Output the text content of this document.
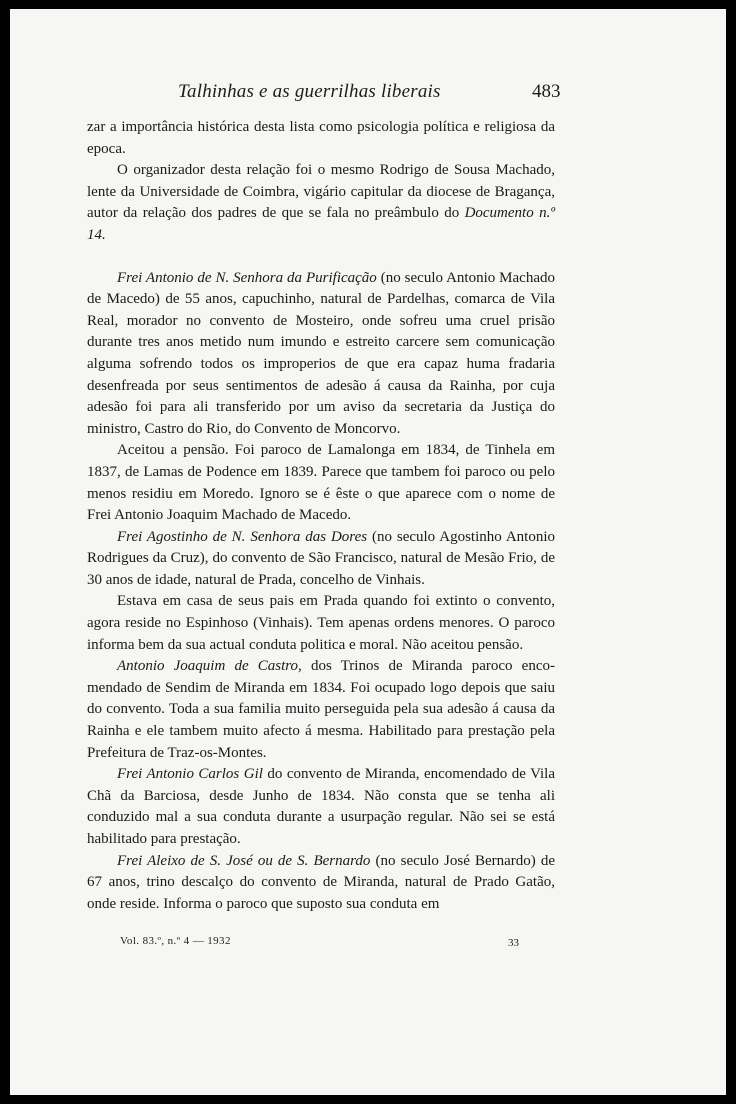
Talhinhas e as guerrilhas liberais	483

zar a importância histórica desta lista como psicologia política e religiosa da epoca.

O organizador desta relação foi o mesmo Rodrigo de Sousa Machado, lente da Universidade de Coimbra, vigário capitular da diocese de Bragança, autor da relação dos padres de que se fala no preâmbulo do Documento n.º 14.

Frei Antonio de N. Senhora da Purificação (no seculo Antonio Machado de Macedo) de 55 anos, capuchinho, natural de Pardelhas, comarca de Vila Real, morador no convento de Mosteiro, onde sofreu uma cruel prisão durante tres anos metido num imundo e estreito carcere sem comunicação alguma sofrendo todos os improperios de que era capaz huma fradaria desenfreada por seus sentimentos de adesão á causa da Rainha, por cuja adesão foi para ali transferido por um aviso da secretaria da Justiça do ministro, Castro do Rio, do Convento de Moncorvo.

Aceitou a pensão. Foi paroco de Lamalonga em 1834, de Tinhela em 1837, de Lamas de Podence em 1839. Parece que tambem foi paroco ou pelo menos residiu em Moredo. Ignoro se é êste o que aparece com o nome de Frei Antonio Joaquim Machado de Macedo.

Frei Agostinho de N. Senhora das Dores (no seculo Agostinho Antonio Rodrigues da Cruz), do convento de São Francisco, natural de Mesão Frio, de 30 anos de idade, natural de Prada, concelho de Vinhais.

Estava em casa de seus pais em Prada quando foi extinto o convento, agora reside no Espinhoso (Vinhais). Tem apenas ordens menores. O paroco informa bem da sua actual conduta politica e moral. Não aceitou pensão.

Antonio Joaquim de Castro, dos Trinos de Miranda paroco encomendado de Sendim de Miranda em 1834. Foi ocupado logo depois que saiu do convento. Toda a sua familia muito perseguida pela sua adesão á causa da Rainha e ele tambem muito afecto á mesma. Habilitado para prestação pela Prefeitura de Traz-os-Montes.

Frei Antonio Carlos Gil do convento de Miranda, encomendado de Vila Chã da Barciosa, desde Junho de 1834. Não consta que se tenha ali conduzido mal a sua conduta durante a usurpação regular. Não sei se está habilitado para prestação.

Frei Aleixo de S. José ou de S. Bernardo (no seculo José Bernardo) de 67 anos, trino descalço do convento de Miranda, natural de Prado Gatão, onde reside. Informa o paroco que suposto sua conduta em

Vol. 83.º, n.º 4 — 1932	33
